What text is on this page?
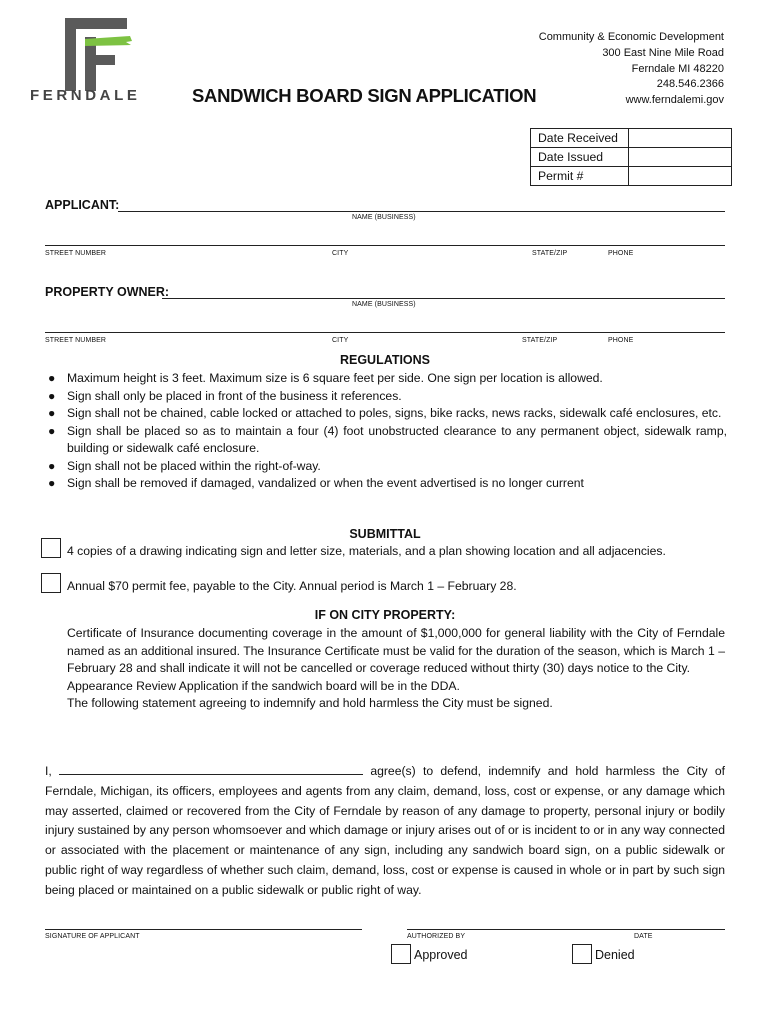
FERNDALE	SANDWICH BOARD SIGN APPLICATION
Community & Economic Development
300 East Nine Mile Road
Ferndale MI 48220
248.546.2366
www.ferndalemi.gov
Date Received	
Date Issued	
Permit #	
APPLICANT:
NAME (BUSINESS)
STREET NUMBER	CITY	STATE/ZIP	PHONE
PROPERTY OWNER:
NAME (BUSINESS)
STREET NUMBER	CITY	STATE/ZIP	PHONE
REGULATIONS
● Maximum height is 3 feet. Maximum size is 6 square feet per side. One sign per location is allowed.
● Sign shall only be placed in front of the business it references.
● Sign shall not be chained, cable locked or attached to poles, signs, bike racks, news racks, sidewalk café enclosures, etc.
● Sign shall be placed so as to maintain a four (4) foot unobstructed clearance to any permanent object, sidewalk ramp, building or sidewalk café enclosure.
● Sign shall not be placed within the right-of-way.
● Sign shall be removed if damaged, vandalized or when the event advertised is no longer current
SUBMITTAL
4 copies of a drawing indicating sign and letter size, materials, and a plan showing location and all adjacencies.
Annual $70 permit fee, payable to the City. Annual period is March 1 – February 28.
IF ON CITY PROPERTY:
Certificate of Insurance documenting coverage in the amount of $1,000,000 for general liability with the City of Ferndale named as an additional insured. The Insurance Certificate must be valid for the duration of the season, which is March 1 – February 28 and shall indicate it will not be cancelled or coverage reduced without thirty (30) days notice to the City.
Appearance Review Application if the sandwich board will be in the DDA.
The following statement agreeing to indemnify and hold harmless the City must be signed.
I,	agree(s) to defend, indemnify and hold harmless the City of Ferndale, Michigan, its officers, employees and agents from any claim, demand, loss, cost or expense, or any damage which may asserted, claimed or recovered from the City of Ferndale by reason of any damage to property, personal injury or bodily injury sustained by any person whomsoever and which damage or injury arises out of or is incident to or in any way connected or associated with the placement or maintenance of any sign, including any sandwich board sign, on a public sidewalk or public right of way regardless of whether such claim, demand, loss, cost or expense is caused in whole or in part by such sign being placed or maintained on a public sidewalk or public right of way.
SIGNATURE OF APPLICANT	AUTHORIZED BY	DATE
Approved	Denied
